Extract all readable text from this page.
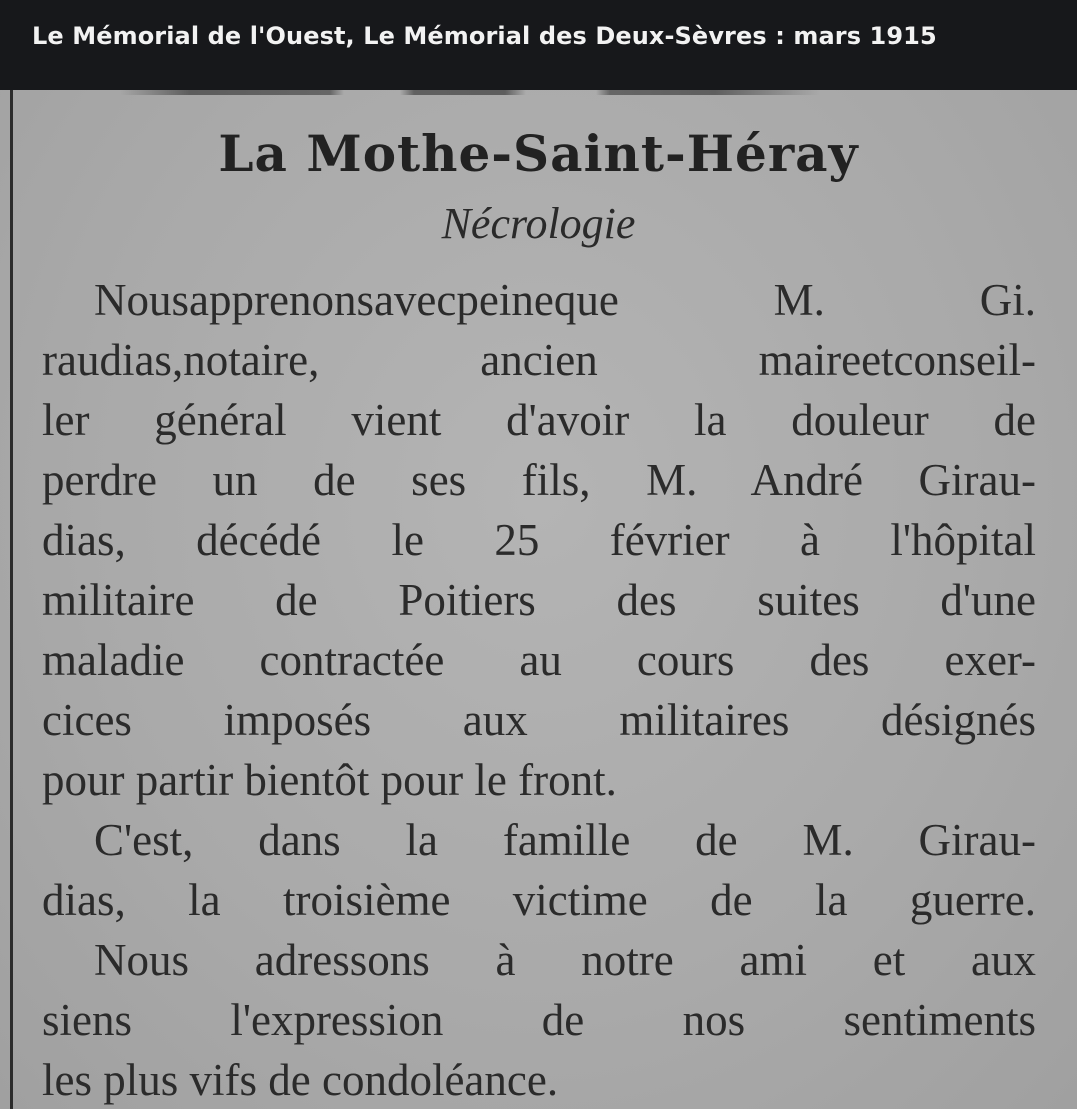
Le Mémorial de l'Ouest, Le Mémorial des Deux-Sèvres : mars 1915
La Mothe-Saint-Héray
Nécrologie
Nousapprenonsavecpeineque M. Gi.
raudias,notaire, ancien maireetconseil-
ler général vient d'avoir la douleur de
perdre un de ses fils, M. André Girau-
dias, décédé le 25 février à l'hôpital
militaire de Poitiers des suites d'une
maladie contractée au cours des exer-
cices imposés aux militaires désignés
pour partir bientôt pour le front.
C'est, dans la famille de M. Girau-
dias, la troisième victime de la guerre.
Nous adressons à notre ami et aux
siens l'expression de nos sentiments
les plus vifs de condoléance.
